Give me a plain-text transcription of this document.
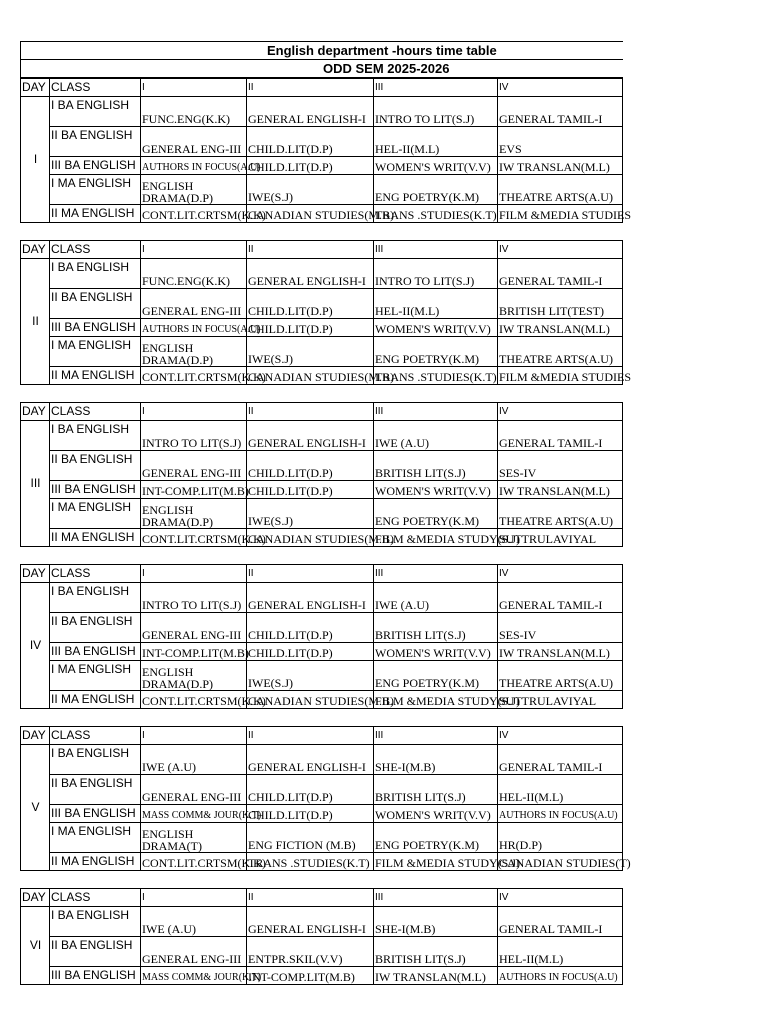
English department -hours time table
ODD SEM 2025-2026
DAY	CLASS	I	II	III	IV
I	I BA ENGLISH	FUNC.ENG(K.K)	GENERAL ENGLISH-I	INTRO TO LIT(S.J)	GENERAL TAMIL-I
	II BA ENGLISH	GENERAL ENG-III	CHILD.LIT(D.P)	HEL-II(M.L)	EVS
	III BA ENGLISH	AUTHORS IN FOCUS(A.U)	CHILD.LIT(D.P)	WOMEN'S WRIT(V.V)	IW TRANSLAN(M.L)
	I MA ENGLISH	ENGLISH DRAMA(D.P)	IWE(S.J)	ENG POETRY(K.M)	THEATRE ARTS(A.U)
	II MA ENGLISH	CONT.LIT.CRTSM(K.K)	CANADIAN STUDIES(M.B)	TRANS .STUDIES(K.T)	FILM &MEDIA STUDIES
DAY	CLASS	I	II	III	IV
II	I BA ENGLISH	FUNC.ENG(K.K)	GENERAL ENGLISH-I	INTRO TO LIT(S.J)	GENERAL TAMIL-I
	II BA ENGLISH	GENERAL ENG-III	CHILD.LIT(D.P)	HEL-II(M.L)	BRITISH LIT(TEST)
	III BA ENGLISH	AUTHORS IN FOCUS(A.U)	CHILD.LIT(D.P)	WOMEN'S WRIT(V.V)	IW TRANSLAN(M.L)
	I MA ENGLISH	ENGLISH DRAMA(D.P)	IWE(S.J)	ENG POETRY(K.M)	THEATRE ARTS(A.U)
	II MA ENGLISH	CONT.LIT.CRTSM(K.K)	CANADIAN STUDIES(M.B)	TRANS .STUDIES(K.T)	FILM &MEDIA STUDIES
DAY	CLASS	I	II	III	IV
III	I BA ENGLISH	INTRO TO LIT(S.J)	GENERAL ENGLISH-I	IWE (A.U)	GENERAL TAMIL-I
	II BA ENGLISH	GENERAL ENG-III	CHILD.LIT(D.P)	BRITISH LIT(S.J)	SES-IV
	III BA ENGLISH	INT-COMP.LIT(M.B)	CHILD.LIT(D.P)	WOMEN'S WRIT(V.V)	IW TRANSLAN(M.L)
	I MA ENGLISH	ENGLISH DRAMA(D.P)	IWE(S.J)	ENG POETRY(K.M)	THEATRE ARTS(A.U)
	II MA ENGLISH	CONT.LIT.CRTSM(K.K)	CANADIAN STUDIES(M.B)	FILM &MEDIA STUDY(S.J)	SUTTRULAVIYAL
DAY	CLASS	I	II	III	IV
IV	I BA ENGLISH	INTRO TO LIT(S.J)	GENERAL ENGLISH-I	IWE (A.U)	GENERAL TAMIL-I
	II BA ENGLISH	GENERAL ENG-III	CHILD.LIT(D.P)	BRITISH LIT(S.J)	SES-IV
	III BA ENGLISH	INT-COMP.LIT(M.B)	CHILD.LIT(D.P)	WOMEN'S WRIT(V.V)	IW TRANSLAN(M.L)
	I MA ENGLISH	ENGLISH DRAMA(D.P)	IWE(S.J)	ENG POETRY(K.M)	THEATRE ARTS(A.U)
	II MA ENGLISH	CONT.LIT.CRTSM(K.K)	CANADIAN STUDIES(M.B)	FILM &MEDIA STUDY(S.J)	SUTTRULAVIYAL
DAY	CLASS	I	II	III	IV
V	I BA ENGLISH	IWE (A.U)	GENERAL ENGLISH-I	SHE-I(M.B)	GENERAL TAMIL-I
	II BA ENGLISH	GENERAL ENG-III	CHILD.LIT(D.P)	BRITISH LIT(S.J)	HEL-II(M.L)
	III BA ENGLISH	MASS COMM& JOUR(K.T)	CHILD.LIT(D.P)	WOMEN'S WRIT(V.V)	AUTHORS IN FOCUS(A.U)
	I MA ENGLISH	ENGLISH DRAMA(T)	ENG FICTION (M.B)	ENG POETRY(K.M)	HR(D.P)
	II MA ENGLISH	CONT.LIT.CRTSM(K.K)	TRANS .STUDIES(K.T)	FILM &MEDIA STUDY(S.J)	CANADIAN STUDIES(T)
DAY	CLASS	I	II	III	IV
VI	I BA ENGLISH	IWE (A.U)	GENERAL ENGLISH-I	SHE-I(M.B)	GENERAL TAMIL-I
	II BA ENGLISH	GENERAL ENG-III	ENTPR.SKIL(V.V)	BRITISH LIT(S.J)	HEL-II(M.L)
	III BA ENGLISH	MASS COMM& JOUR(K.T)	INT-COMP.LIT(M.B)	IW TRANSLAN(M.L)	AUTHORS IN FOCUS(A.U)
